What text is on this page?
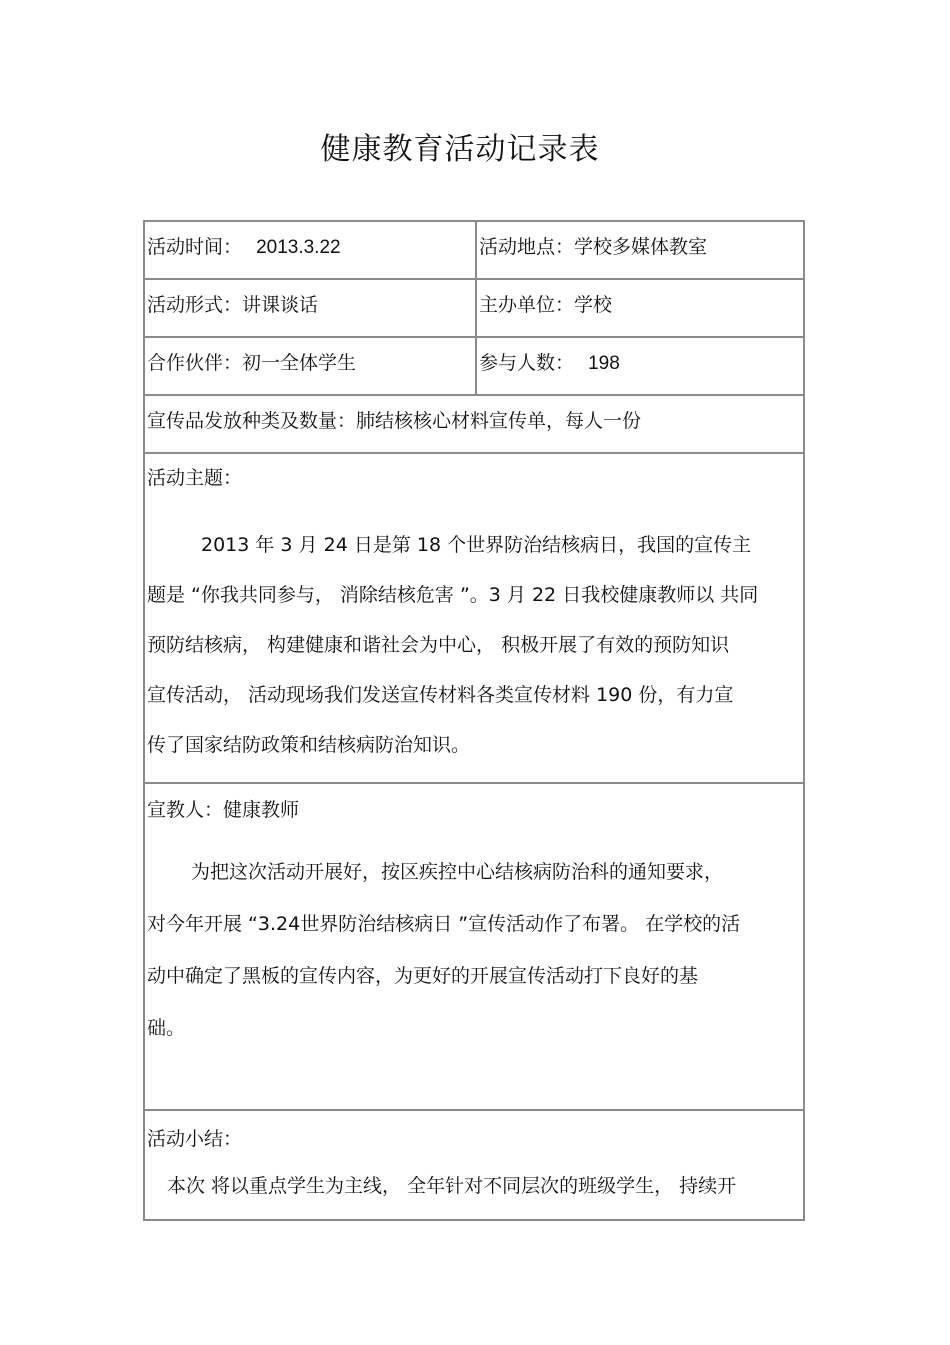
健康教育活动记录表
活动时间： 2013.3.22	活动地点：学校多媒体教室
活动形式：讲课谈话	主办单位：学校
合作伙伴：初一全体学生	参与人数： 198
宣传品发放种类及数量：肺结核核心材料宣传单，每人一份
活动主题：
2013 年 3 月 24 日是第 18 个世界防治结核病日，我国的宣传主
题是 “你我共同参与， 消除结核危害 ”。3 月 22 日我校健康教师以 共同
预防结核病， 构建健康和谐社会为中心， 积极开展了有效的预防知识
宣传活动， 活动现场我们发送宣传材料各类宣传材料 190 份，有力宣
传了国家结防政策和结核病防治知识。
宣教人：健康教师
为把这次活动开展好，按区疾控中心结核病防治科的通知要求，
对今年开展 “3.24世界防治结核病日 ”宣传活动作了布署。 在学校的活
动中确定了黑板的宣传内容，为更好的开展宣传活动打下良好的基
础。
活动小结：
本次 将以重点学生为主线， 全年针对不同层次的班级学生， 持续开
